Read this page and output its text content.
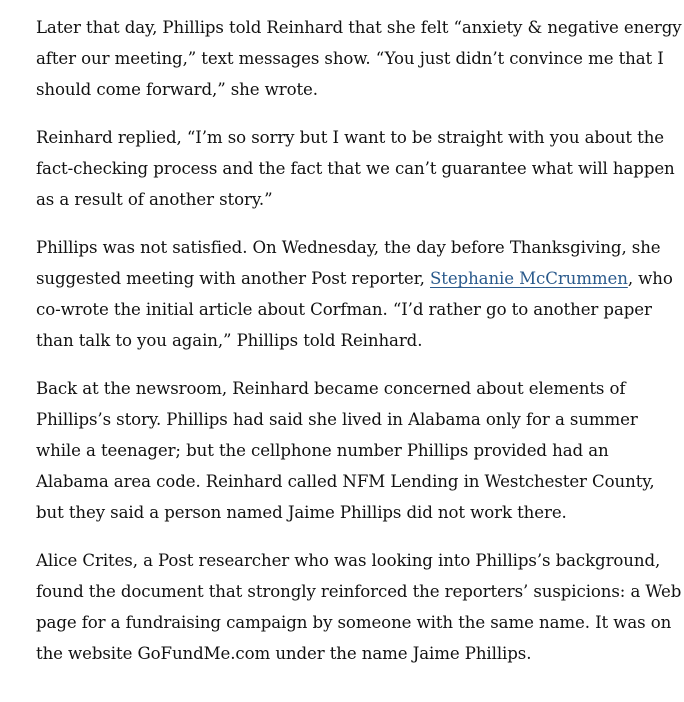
Later that day, Phillips told Reinhard that she felt “anxiety & negative energy
after our meeting,” text messages show. “You just didn’t convince me that I
should come forward,” she wrote.

Reinhard replied, “I’m so sorry but I want to be straight with you about the
fact-checking process and the fact that we can’t guarantee what will happen
as a result of another story.”

Phillips was not satisfied. On Wednesday, the day before Thanksgiving, she
suggested meeting with another Post reporter, Stephanie McCrummen, who
co-wrote the initial article about Corfman. “I’d rather go to another paper
than talk to you again,” Phillips told Reinhard.

Back at the newsroom, Reinhard became concerned about elements of
Phillips’s story. Phillips had said she lived in Alabama only for a summer
while a teenager; but the cellphone number Phillips provided had an
Alabama area code. Reinhard called NFM Lending in Westchester County,
but they said a person named Jaime Phillips did not work there.

Alice Crites, a Post researcher who was looking into Phillips’s background,
found the document that strongly reinforced the reporters’ suspicions: a Web
page for a fundraising campaign by someone with the same name. It was on
the website GoFundMe.com under the name Jaime Phillips.
